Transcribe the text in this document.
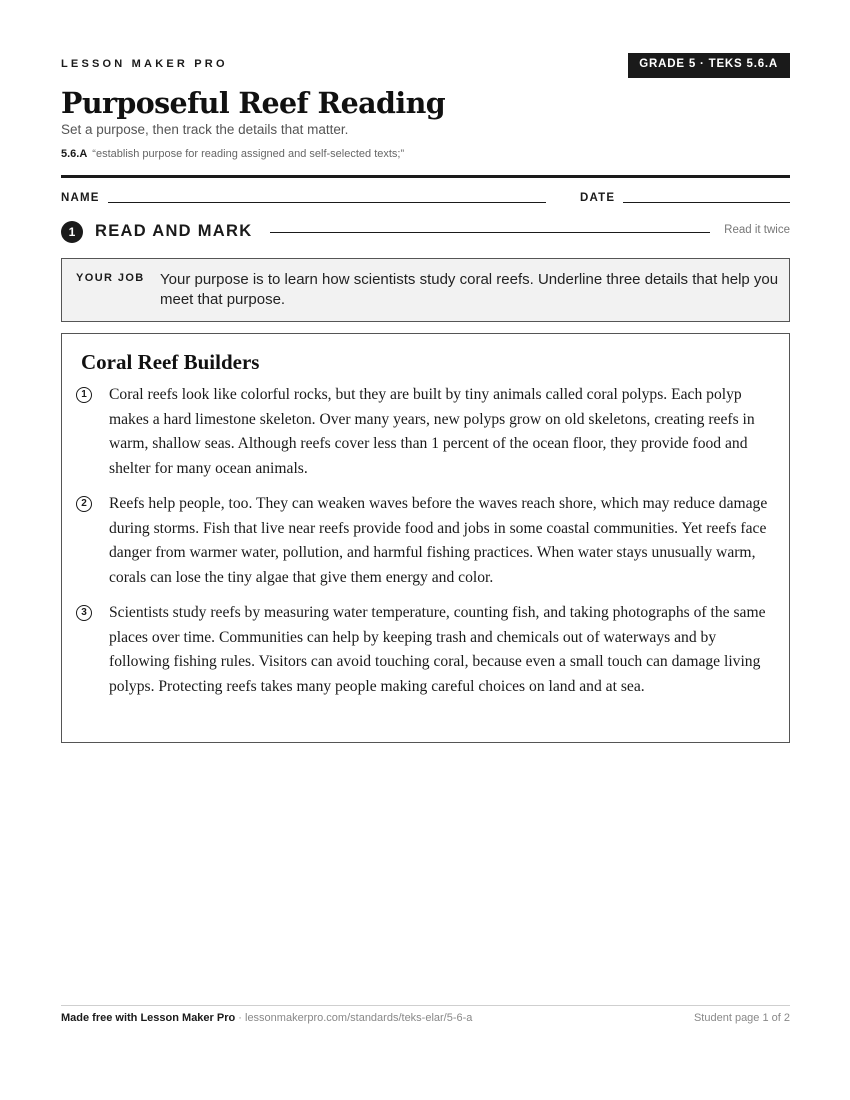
LESSON MAKER PRO	GRADE 5 · TEKS 5.6.A
Purposeful Reef Reading
Set a purpose, then track the details that matter.
5.6.A “establish purpose for reading assigned and self-selected texts;”
NAME	DATE
1	READ AND MARK	Read it twice
YOUR JOB Your purpose is to learn how scientists study coral reefs. Underline three details that help you meet that purpose.
Coral Reef Builders
1	Coral reefs look like colorful rocks, but they are built by tiny animals called coral polyps. Each polyp makes a hard limestone skeleton. Over many years, new polyps grow on old skeletons, creating reefs in warm, shallow seas. Although reefs cover less than 1 percent of the ocean floor, they provide food and shelter for many ocean animals.

2	Reefs help people, too. They can weaken waves before the waves reach shore, which may reduce damage during storms. Fish that live near reefs provide food and jobs in some coastal communities. Yet reefs face danger from warmer water, pollution, and harmful fishing practices. When water stays unusually warm, corals can lose the tiny algae that give them energy and color.

3	Scientists study reefs by measuring water temperature, counting fish, and taking photographs of the same places over time. Communities can help by keeping trash and chemicals out of waterways and by following fishing rules. Visitors can avoid touching coral, because even a small touch can damage living polyps. Protecting reefs takes many people making careful choices on land and at sea.

Made free with Lesson Maker Pro · lessonmakerpro.com/standards/teks-elar/5-6-a	Student page 1 of 2
